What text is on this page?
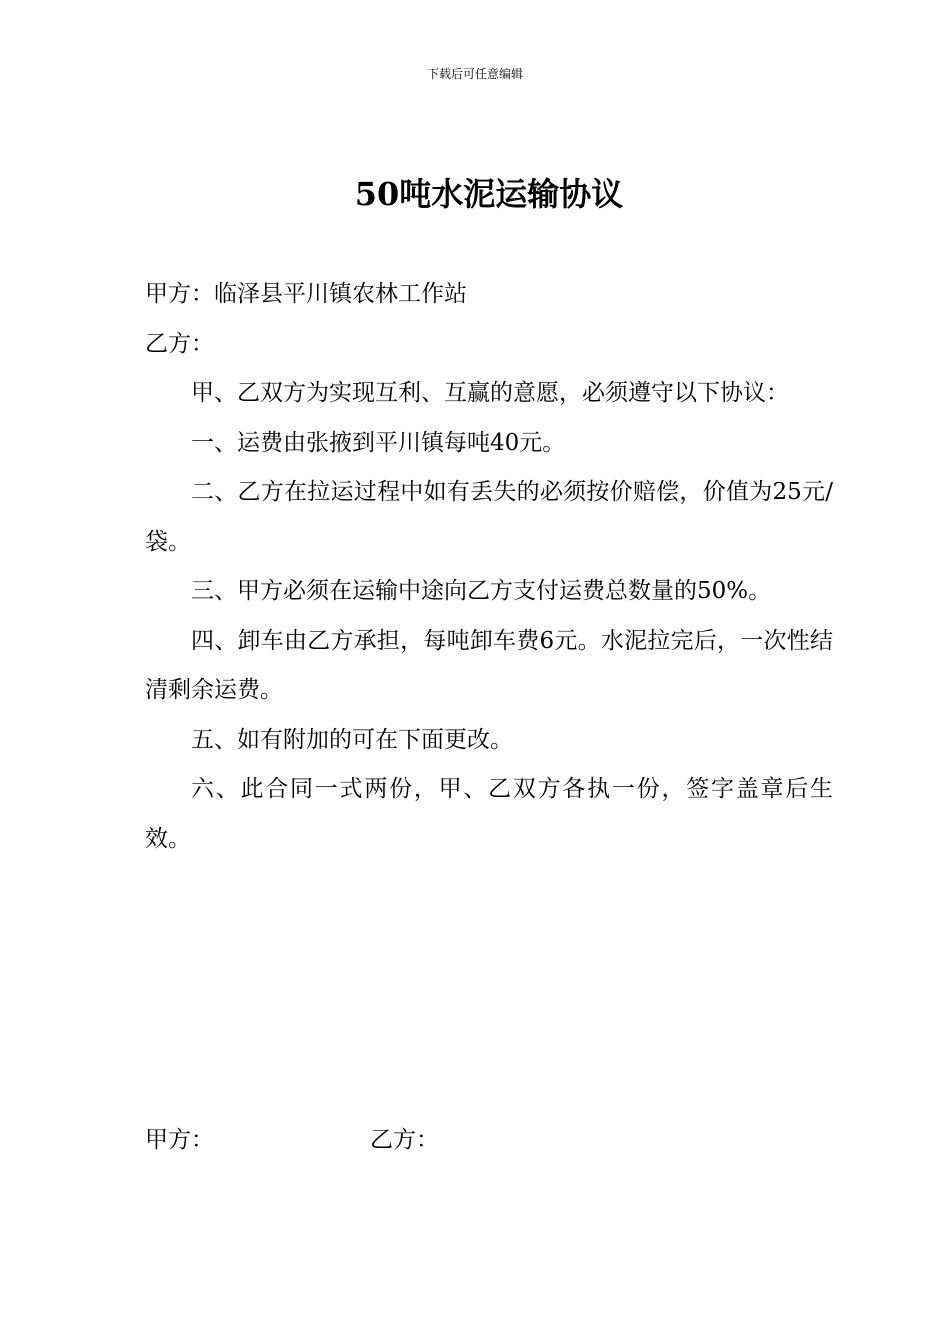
下载后可任意编辑
50吨水泥运输协议

甲方：临泽县平川镇农林工作站

乙方：

甲、乙双方为实现互利、互赢的意愿，必须遵守以下协议：

一、运费由张掖到平川镇每吨40元。

二、乙方在拉运过程中如有丢失的必须按价赔偿，价值为25元/袋。

三、甲方必须在运输中途向乙方支付运费总数量的50%。

四、卸车由乙方承担，每吨卸车费6元。水泥拉完后，一次性结清剩余运费。

五、如有附加的可在下面更改。

六、此合同一式两份，甲、乙双方各执一份，签字盖章后生效。

甲方：	乙方：
